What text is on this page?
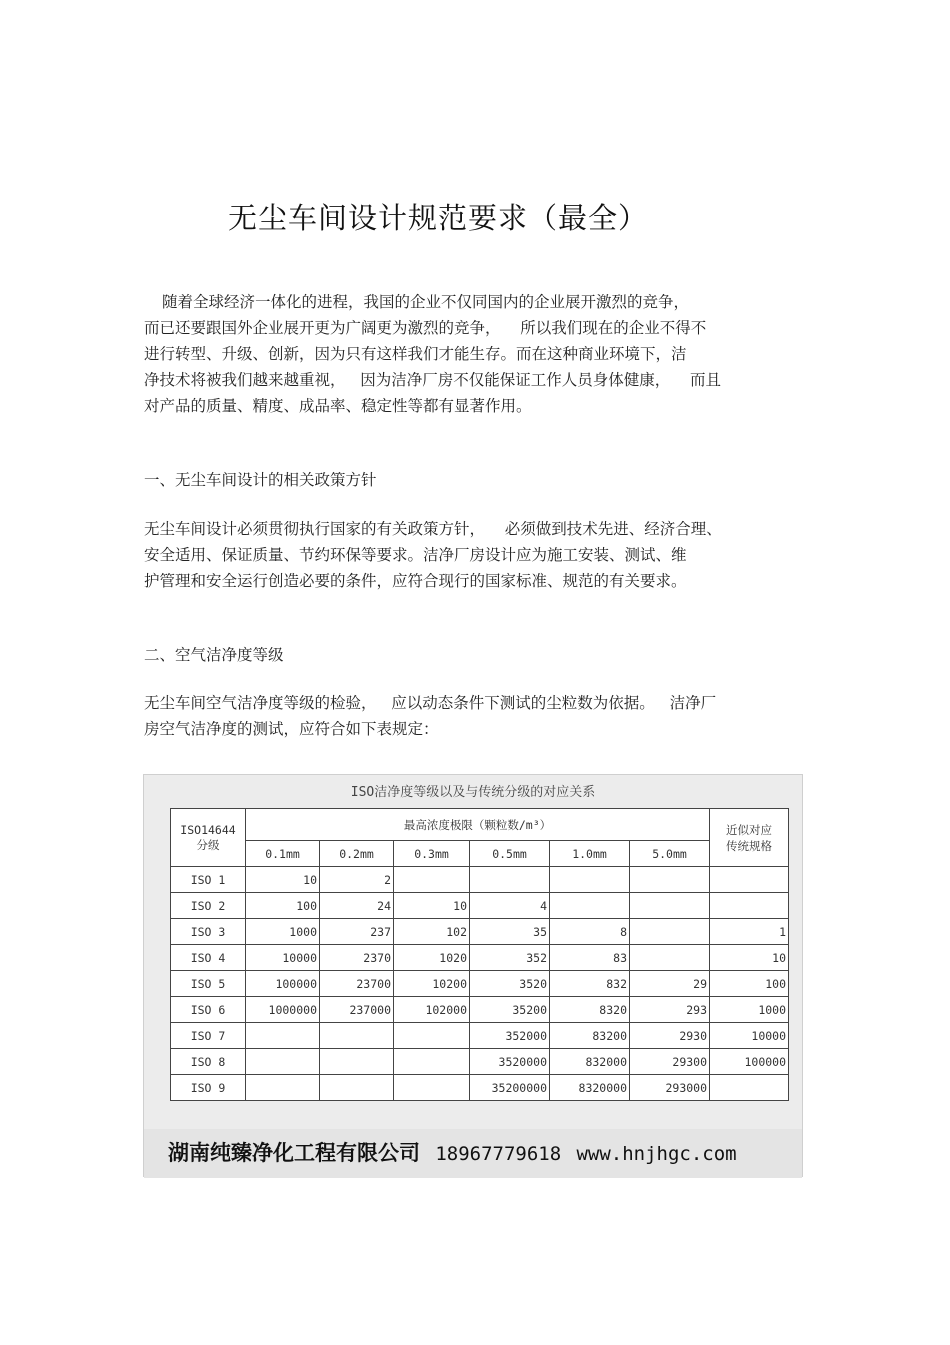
无尘车间设计规范要求（最全）
随着全球经济一体化的进程，我国的企业不仅同国内的企业展开激烈的竞争，
而已还要跟国外企业展开更为广阔更为激烈的竞争，    所以我们现在的企业不得不
进行转型、升级、创新，因为只有这样我们才能生存。而在这种商业环境下，洁
净技术将被我们越来越重视，   因为洁净厂房不仅能保证工作人员身体健康，    而且
对产品的质量、精度、成品率、稳定性等都有显著作用。
一、无尘车间设计的相关政策方针
无尘车间设计必须贯彻执行国家的有关政策方针，    必须做到技术先进、经济合理、
安全适用、保证质量、节约环保等要求。洁净厂房设计应为施工安装、测试、维
护管理和安全运行创造必要的条件，应符合现行的国家标准、规范的有关要求。
二、空气洁净度等级
无尘车间空气洁净度等级的检验，   应以动态条件下测试的尘粒数为依据。   洁净厂
房空气洁净度的测试，应符合如下表规定：
ISO洁净度等级以及与传统分级的对应关系
ISO14644
分级	最高浓度极限（颗粒数/m³）						近似对应
传统规格
	0.1mm	0.2mm	0.3mm	0.5mm	1.0mm	5.0mm	
ISO 1	10	2					
ISO 2	100	24	10	4			
ISO 3	1000	237	102	35	8		1
ISO 4	10000	2370	1020	352	83		10
ISO 5	100000	23700	10200	3520	832	29	100
ISO 6	1000000	237000	102000	35200	8320	293	1000
ISO 7				352000	83200	2930	10000
ISO 8				3520000	832000	29300	100000
ISO 9				35200000	8320000	293000	
湖南纯臻净化工程有限公司 18967779618 www.hnjhgc.com
